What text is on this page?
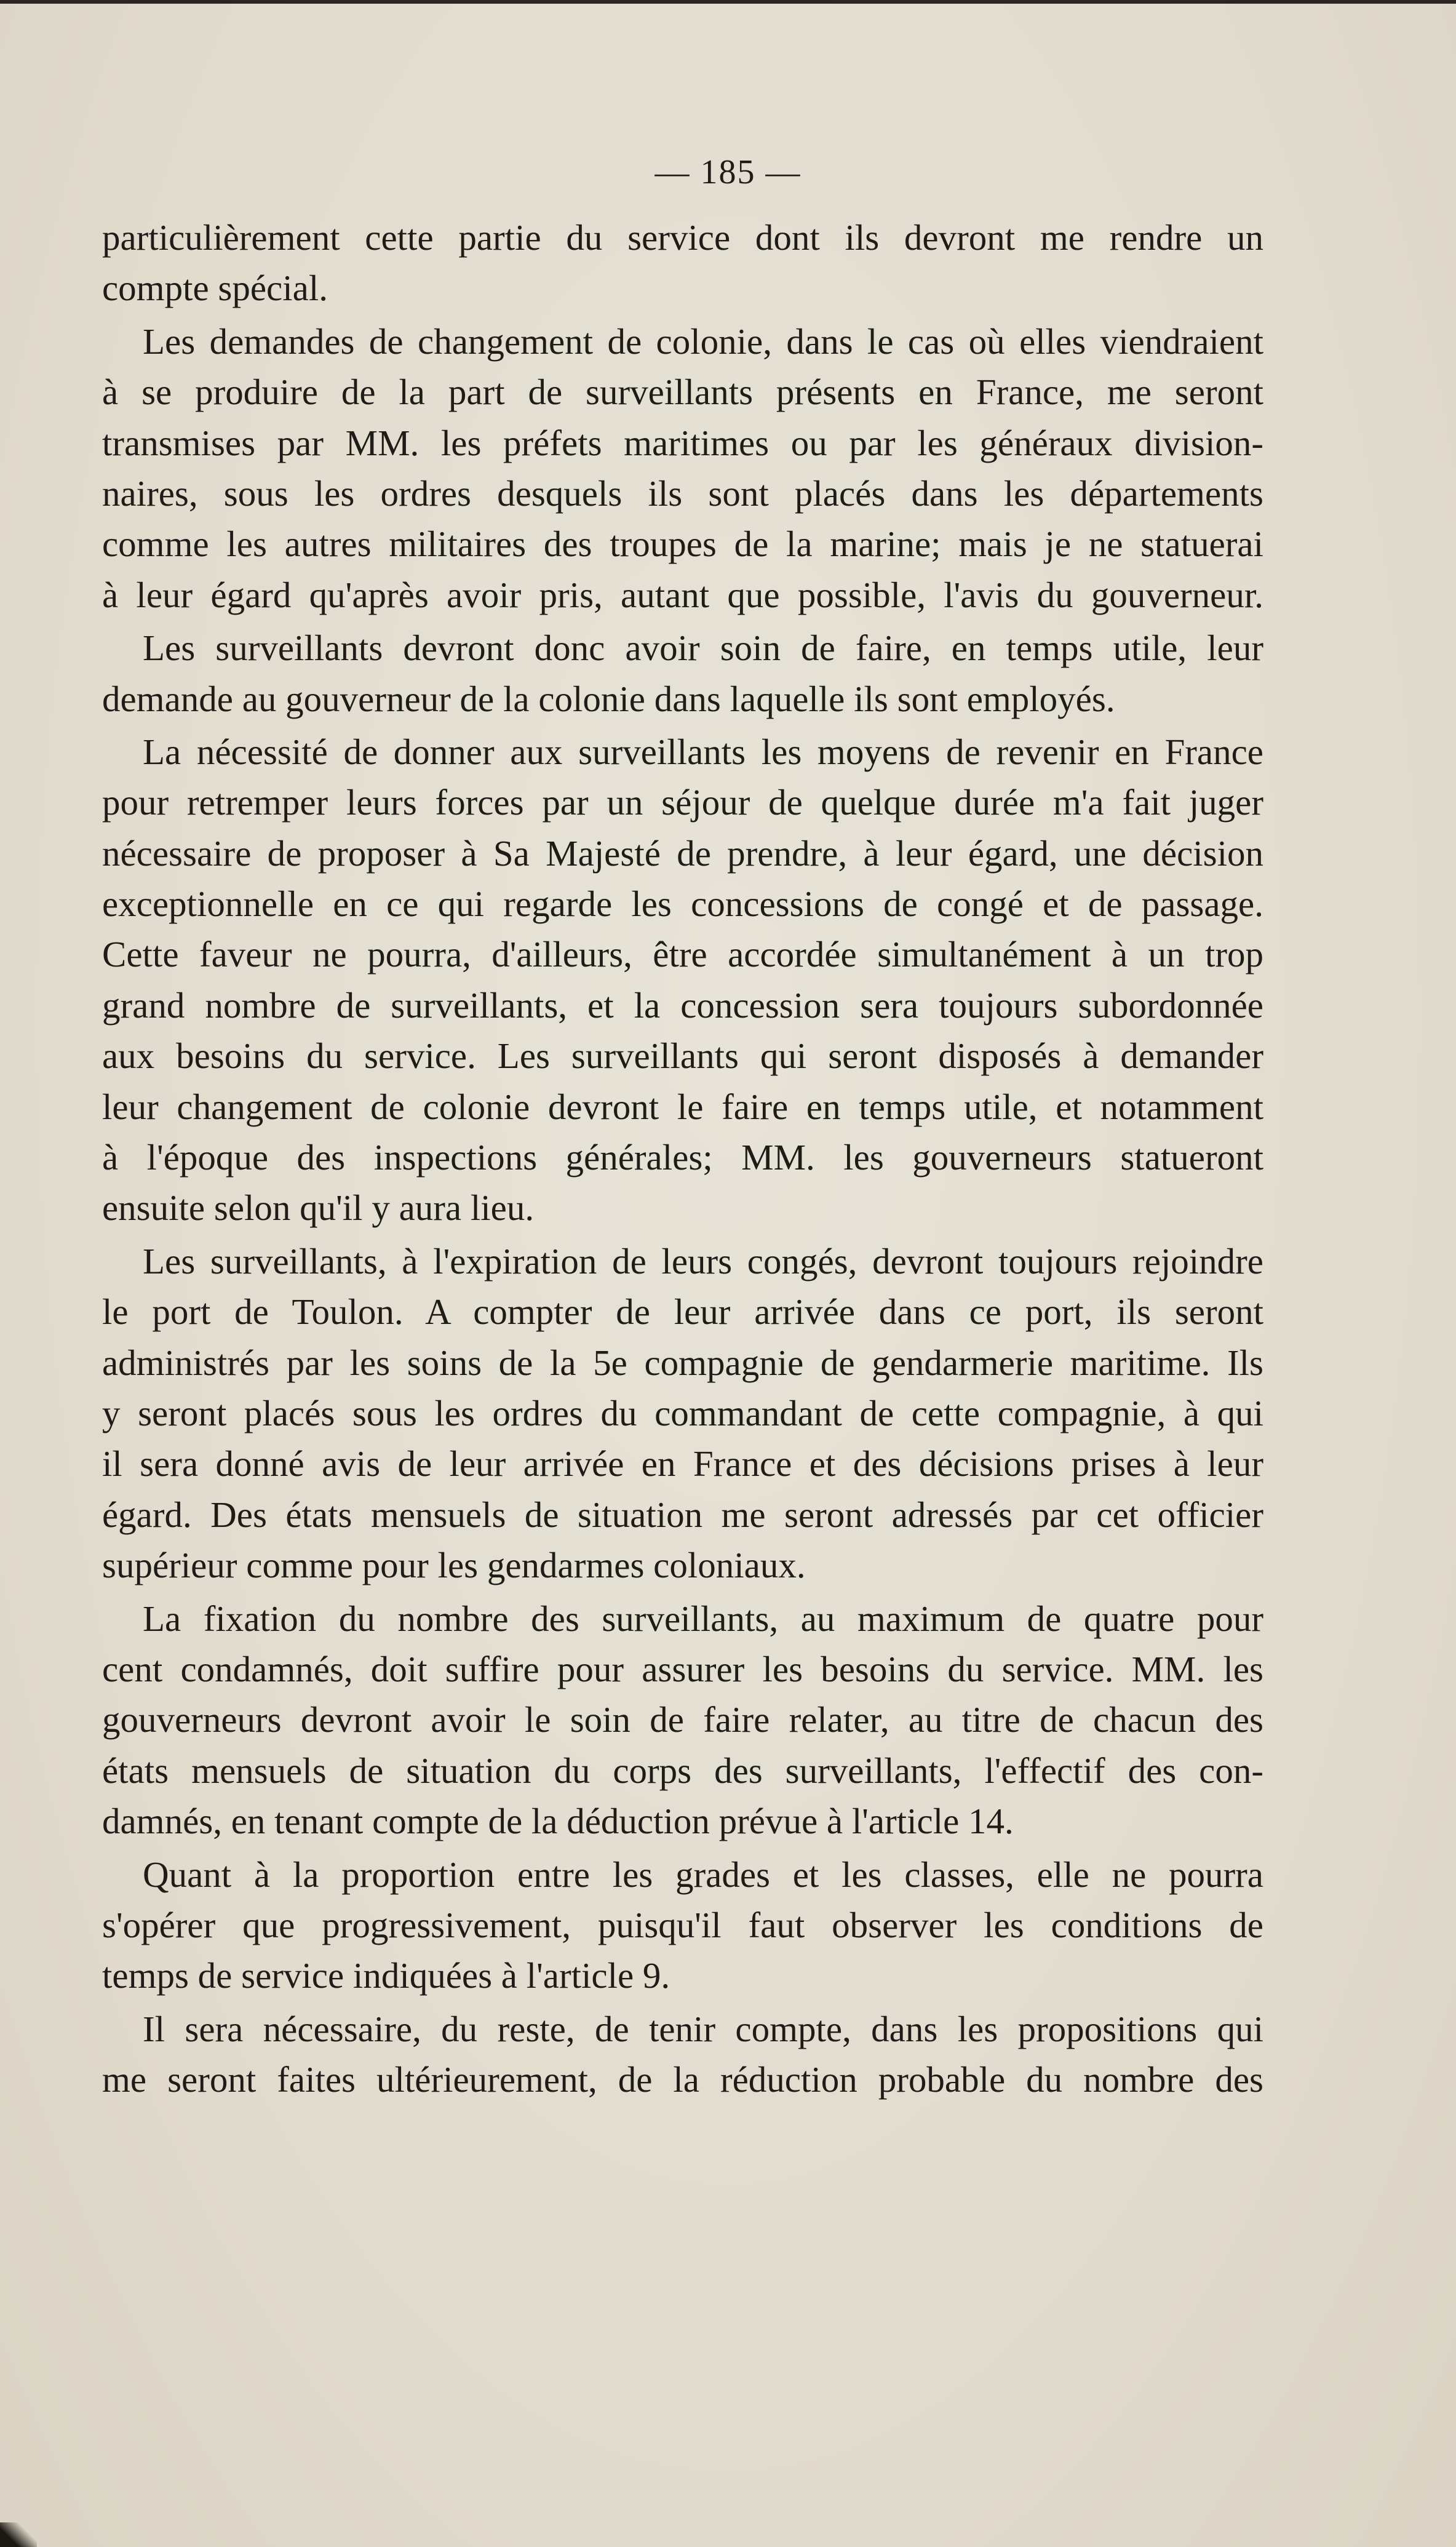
— 185 —
particulièrement cette partie du service dont ils devront me rendre un
compte spécial.
Les demandes de changement de colonie, dans le cas où elles viendraient
à se produire de la part de surveillants présents en France, me seront
transmises par MM. les préfets maritimes ou par les généraux division-
naires, sous les ordres desquels ils sont placés dans les départements
comme les autres militaires des troupes de la marine; mais je ne statuerai
à leur égard qu'après avoir pris, autant que possible, l'avis du gouverneur.
Les surveillants devront donc avoir soin de faire, en temps utile, leur
demande au gouverneur de la colonie dans laquelle ils sont employés.
La nécessité de donner aux surveillants les moyens de revenir en France
pour retremper leurs forces par un séjour de quelque durée m'a fait juger
nécessaire de proposer à Sa Majesté de prendre, à leur égard, une décision
exceptionnelle en ce qui regarde les concessions de congé et de passage.
Cette faveur ne pourra, d'ailleurs, être accordée simultanément à un trop
grand nombre de surveillants, et la concession sera toujours subordonnée
aux besoins du service. Les surveillants qui seront disposés à demander
leur changement de colonie devront le faire en temps utile, et notamment
à l'époque des inspections générales; MM. les gouverneurs statueront
ensuite selon qu'il y aura lieu.
Les surveillants, à l'expiration de leurs congés, devront toujours rejoindre
le port de Toulon. A compter de leur arrivée dans ce port, ils seront
administrés par les soins de la 5e compagnie de gendarmerie maritime. Ils
y seront placés sous les ordres du commandant de cette compagnie, à qui
il sera donné avis de leur arrivée en France et des décisions prises à leur
égard. Des états mensuels de situation me seront adressés par cet officier
supérieur comme pour les gendarmes coloniaux.
La fixation du nombre des surveillants, au maximum de quatre pour
cent condamnés, doit suffire pour assurer les besoins du service. MM. les
gouverneurs devront avoir le soin de faire relater, au titre de chacun des
états mensuels de situation du corps des surveillants, l'effectif des con-
damnés, en tenant compte de la déduction prévue à l'article 14.
Quant à la proportion entre les grades et les classes, elle ne pourra
s'opérer que progressivement, puisqu'il faut observer les conditions de
temps de service indiquées à l'article 9.
Il sera nécessaire, du reste, de tenir compte, dans les propositions qui
me seront faites ultérieurement, de la réduction probable du nombre des
